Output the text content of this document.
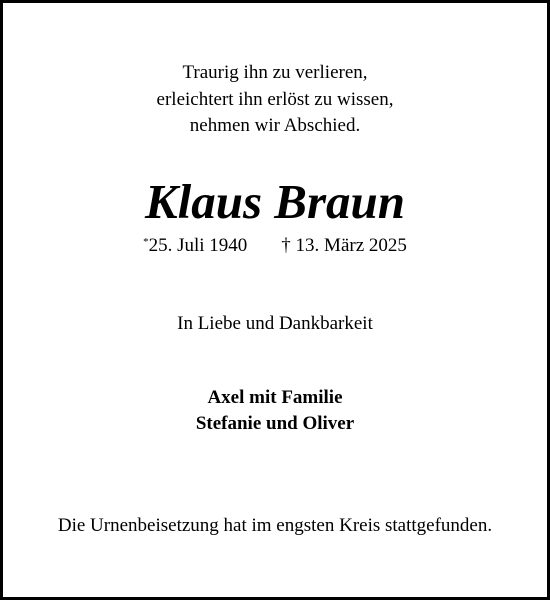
Traurig ihn zu verlieren,
erleichtert ihn erlöst zu wissen,
nehmen wir Abschied.
Klaus Braun
*25. Juli 1940 † 13. März 2025
In Liebe und Dankbarkeit
Axel mit Familie
Stefanie und Oliver
Die Urnenbeisetzung hat im engsten Kreis stattgefunden.
